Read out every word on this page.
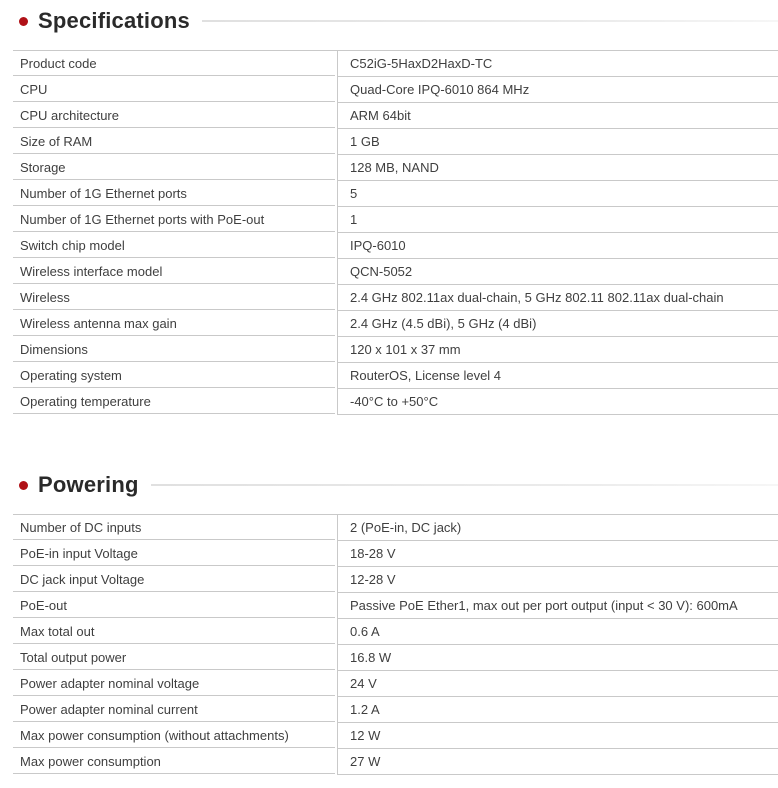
Specifications
Product code	C52iG-5HaxD2HaxD-TC
CPU	Quad-Core IPQ-6010 864 MHz
CPU architecture	ARM 64bit
Size of RAM	1 GB
Storage	128 MB, NAND
Number of 1G Ethernet ports	5
Number of 1G Ethernet ports with PoE-out	1
Switch chip model	IPQ-6010
Wireless interface model	QCN-5052
Wireless	2.4 GHz 802.11ax dual-chain, 5 GHz 802.11 802.11ax dual-chain
Wireless antenna max gain	2.4 GHz (4.5 dBi), 5 GHz (4 dBi)
Dimensions	120 x 101 x 37 mm
Operating system	RouterOS, License level 4
Operating temperature	-40°C to +50°C
Powering
Number of DC inputs	2 (PoE-in, DC jack)
PoE-in input Voltage	18-28 V
DC jack input Voltage	12-28 V
PoE-out	Passive PoE Ether1, max out per port output (input < 30 V): 600mA
Max total out	0.6 A
Total output power	16.8 W
Power adapter nominal voltage	24 V
Power adapter nominal current	1.2 A
Max power consumption (without attachments)	12 W
Max power consumption	27 W
